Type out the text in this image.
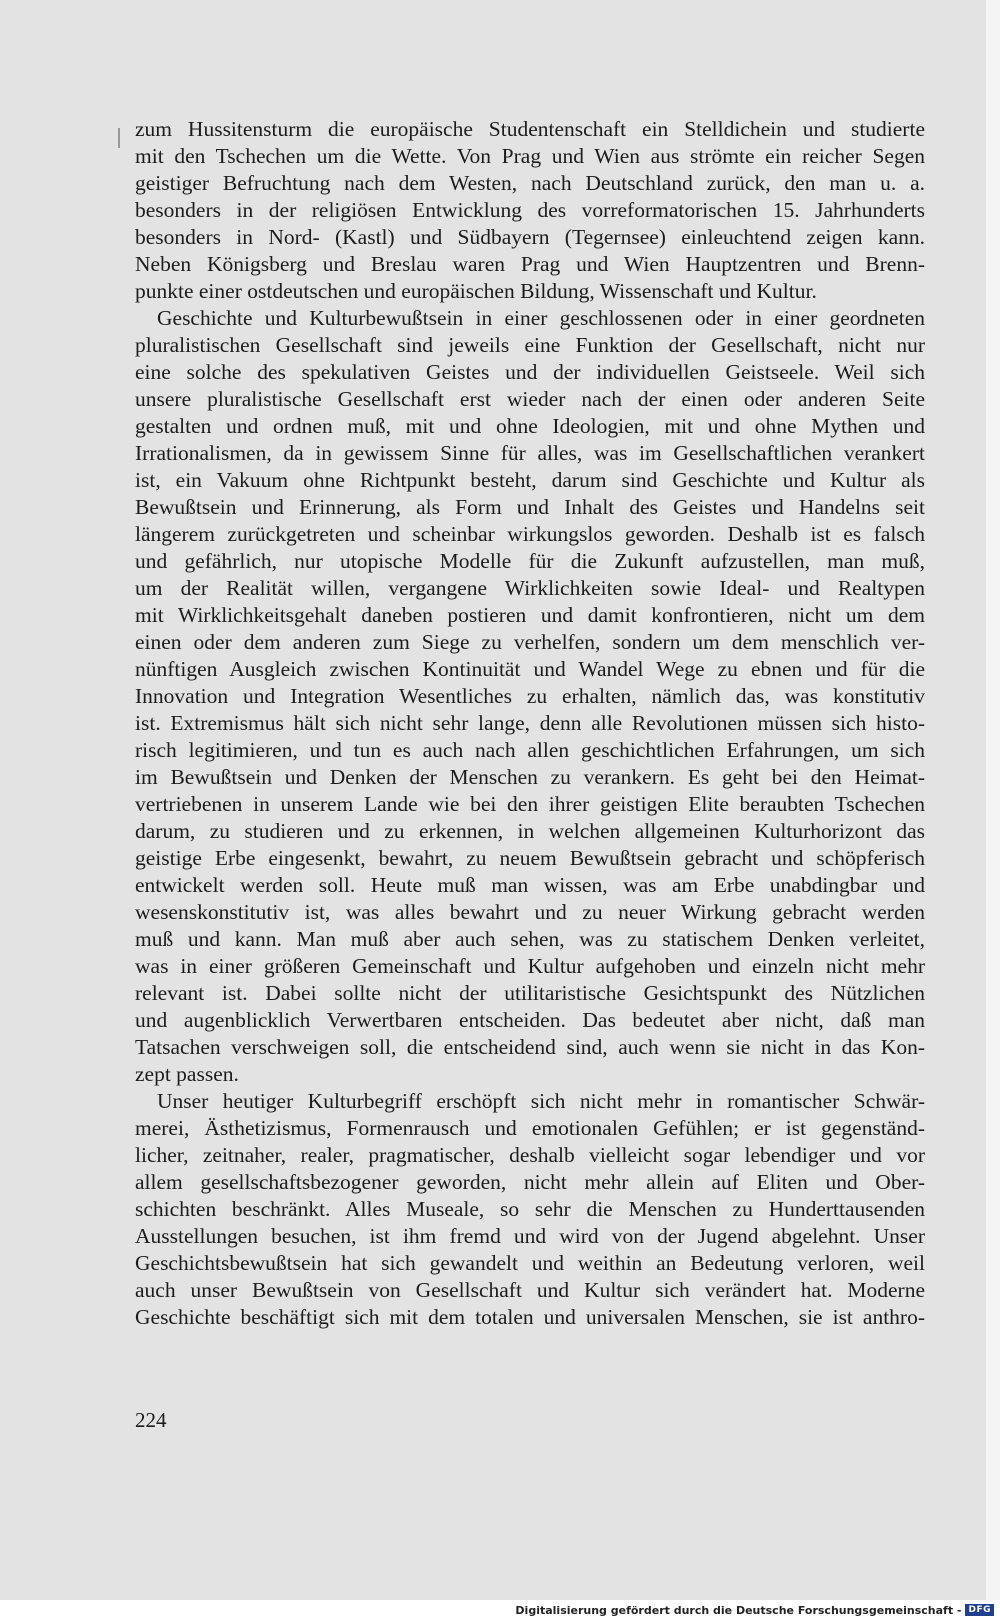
zum Hussitensturm die europäische Studentenschaft ein Stelldichein und studierte
mit den Tschechen um die Wette. Von Prag und Wien aus strömte ein reicher Segen
geistiger Befruchtung nach dem Westen, nach Deutschland zurück, den man u. a.
besonders in der religiösen Entwicklung des vorreformatorischen 15. Jahrhunderts
besonders in Nord- (Kastl) und Südbayern (Tegernsee) einleuchtend zeigen kann.
Neben Königsberg und Breslau waren Prag und Wien Hauptzentren und Brenn-
punkte einer ostdeutschen und europäischen Bildung, Wissenschaft und Kultur.
Geschichte und Kulturbewußtsein in einer geschlossenen oder in einer geordneten
pluralistischen Gesellschaft sind jeweils eine Funktion der Gesellschaft, nicht nur
eine solche des spekulativen Geistes und der individuellen Geistseele. Weil sich
unsere pluralistische Gesellschaft erst wieder nach der einen oder anderen Seite
gestalten und ordnen muß, mit und ohne Ideologien, mit und ohne Mythen und
Irrationalismen, da in gewissem Sinne für alles, was im Gesellschaftlichen verankert
ist, ein Vakuum ohne Richtpunkt besteht, darum sind Geschichte und Kultur als
Bewußtsein und Erinnerung, als Form und Inhalt des Geistes und Handelns seit
längerem zurückgetreten und scheinbar wirkungslos geworden. Deshalb ist es falsch
und gefährlich, nur utopische Modelle für die Zukunft aufzustellen, man muß,
um der Realität willen, vergangene Wirklichkeiten sowie Ideal- und Realtypen
mit Wirklichkeitsgehalt daneben postieren und damit konfrontieren, nicht um dem
einen oder dem anderen zum Siege zu verhelfen, sondern um dem menschlich ver-
nünftigen Ausgleich zwischen Kontinuität und Wandel Wege zu ebnen und für die
Innovation und Integration Wesentliches zu erhalten, nämlich das, was konstitutiv
ist. Extremismus hält sich nicht sehr lange, denn alle Revolutionen müssen sich histo-
risch legitimieren, und tun es auch nach allen geschichtlichen Erfahrungen, um sich
im Bewußtsein und Denken der Menschen zu verankern. Es geht bei den Heimat-
vertriebenen in unserem Lande wie bei den ihrer geistigen Elite beraubten Tschechen
darum, zu studieren und zu erkennen, in welchen allgemeinen Kulturhorizont das
geistige Erbe eingesenkt, bewahrt, zu neuem Bewußtsein gebracht und schöpferisch
entwickelt werden soll. Heute muß man wissen, was am Erbe unabdingbar und
wesenskonstitutiv ist, was alles bewahrt und zu neuer Wirkung gebracht werden
muß und kann. Man muß aber auch sehen, was zu statischem Denken verleitet,
was in einer größeren Gemeinschaft und Kultur aufgehoben und einzeln nicht mehr
relevant ist. Dabei sollte nicht der utilitaristische Gesichtspunkt des Nützlichen
und augenblicklich Verwertbaren entscheiden. Das bedeutet aber nicht, daß man
Tatsachen verschweigen soll, die entscheidend sind, auch wenn sie nicht in das Kon-
zept passen.
Unser heutiger Kulturbegriff erschöpft sich nicht mehr in romantischer Schwär-
merei, Ästhetizismus, Formenrausch und emotionalen Gefühlen; er ist gegenständ-
licher, zeitnaher, realer, pragmatischer, deshalb vielleicht sogar lebendiger und vor
allem gesellschaftsbezogener geworden, nicht mehr allein auf Eliten und Ober-
schichten beschränkt. Alles Museale, so sehr die Menschen zu Hunderttausenden
Ausstellungen besuchen, ist ihm fremd und wird von der Jugend abgelehnt. Unser
Geschichtsbewußtsein hat sich gewandelt und weithin an Bedeutung verloren, weil
auch unser Bewußtsein von Gesellschaft und Kultur sich verändert hat. Moderne
Geschichte beschäftigt sich mit dem totalen und universalen Menschen, sie ist anthro-
224
Digitalisierung gefördert durch die Deutsche Forschungsgemeinschaft - DFG
